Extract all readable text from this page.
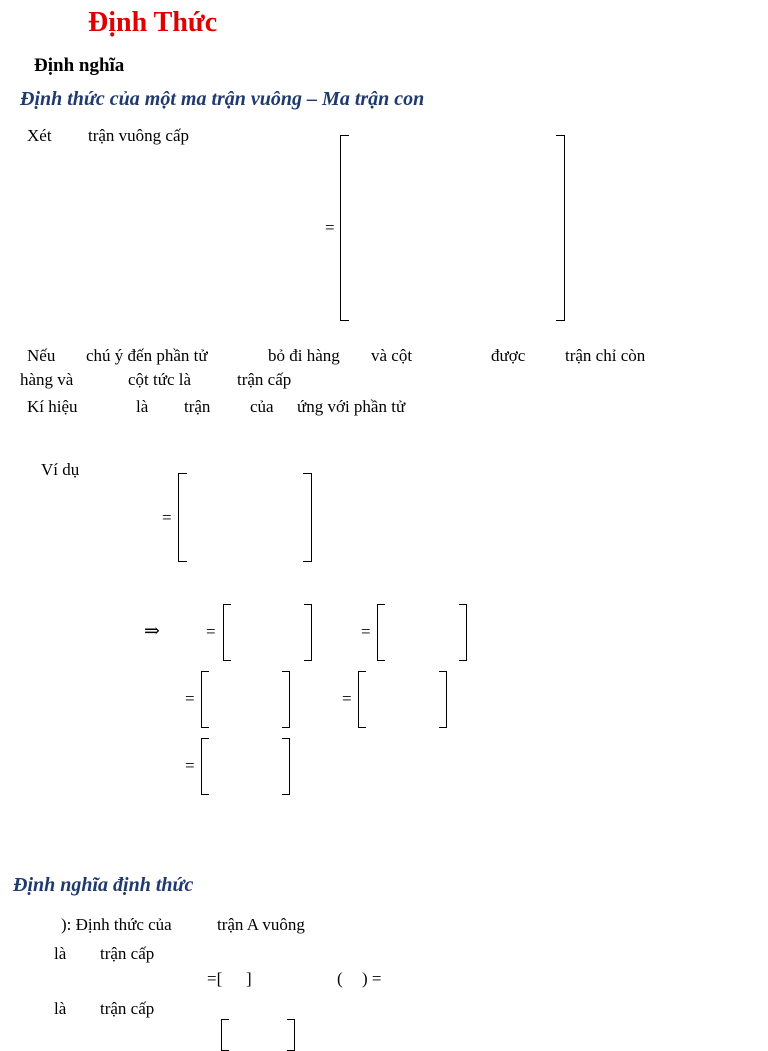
Định Thức
Định nghĩa
Định thức của một ma trận vuông – Ma trận con
Xét trận vuông cấp
=
Nếu chú ý đến phần tử	bỏ đi hàng và cột	được trận chỉ còn
hàng và	cột tức là	trận cấp
Kí hiệu	là trận của ứng với phần tử
Ví dụ
=
⇒	=	=
=	=
=
Định nghĩa định thức
): Định thức của	trận A vuông
là trận cấp
=[ ]	( ) =
là trận cấp
